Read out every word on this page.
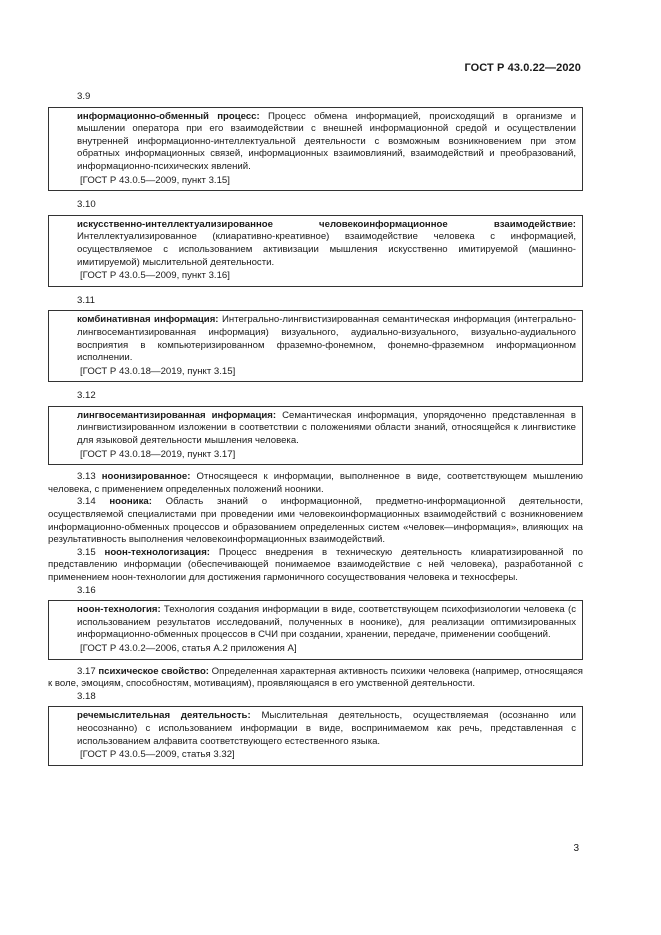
ГОСТ Р 43.0.22—2020

3.9

информационно-обменный процесс: Процесс обмена информацией, происходящий в организме и мышлении оператора при его взаимодействии с внешней информационной средой и осуществлении внутренней информационно-интеллектуальной деятельности с возможным возникновением при этом обратных информационных связей, информационных взаимовлияний, взаимодействий и преобразований, информационно-психических явлений.

[ГОСТ Р 43.0.5—2009, пункт 3.15]

3.10

искусственно-интеллектуализированное человекоинформационное взаимодействие: Интеллектуализированное (клиаративно-креативное) взаимодействие человека с информацией, осуществляемое с использованием активизации мышления искусственно имитируемой (машинно-имитируемой) мыслительной деятельности.

[ГОСТ Р 43.0.5—2009, пункт 3.16]

3.11

комбинативная информация: Интегрально-лингвистизированная семантическая информация (интегрально-лингвосемантизированная информация) визуального, аудиально-визуального, визуально-аудиального восприятия в компьютеризированном фраземно-фонемном, фонемно-фраземном информационном исполнении.

[ГОСТ Р 43.0.18—2019, пункт 3.15]

3.12

лингвосемантизированная информация: Семантическая информация, упорядоченно представленная в лингвистизированном изложении в соответствии с положениями области знаний, относящейся к лингвистике для языковой деятельности мышления человека.

[ГОСТ Р 43.0.18—2019, пункт 3.17]

3.13 ноонизированное: Относящееся к информации, выполненное в виде, соответствующем мышлению человека, с применением определенных положений нооники.

3.14 нооника: Область знаний о информационной, предметно-информационной деятельности, осуществляемой специалистами при проведении ими человекоинформационных взаимодействий с возникновением информационно-обменных процессов и образованием определенных систем «человек—информация», влияющих на результативность выполнения человекоинформационных взаимодействий.

3.15 ноон-технологизация: Процесс внедрения в техническую деятельность клиаратизированной по представлению информации (обеспечивающей понимаемое взаимодействие с ней человека), разработанной с применением ноон-технологии для достижения гармоничного сосуществования человека и техносферы.

3.16

ноон-технология: Технология создания информации в виде, соответствующем психофизиологии человека (с использованием результатов исследований, полученных в ноонике), для реализации оптимизированных информационно-обменных процессов в СЧИ при создании, хранении, передаче, применении сообщений.

[ГОСТ Р 43.0.2—2006, статья А.2 приложения А]

3.17 психическое свойство: Определенная характерная активность психики человека (например, относящаяся к воле, эмоциям, способностям, мотивациям), проявляющаяся в его умственной деятельности.

3.18

речемыслительная деятельность: Мыслительная деятельность, осуществляемая (осознанно или неосознанно) с использованием информации в виде, воспринимаемом как речь, представленная с использованием алфавита соответствующего естественного языка.

[ГОСТ Р 43.0.5—2009, статья 3.32]

3
